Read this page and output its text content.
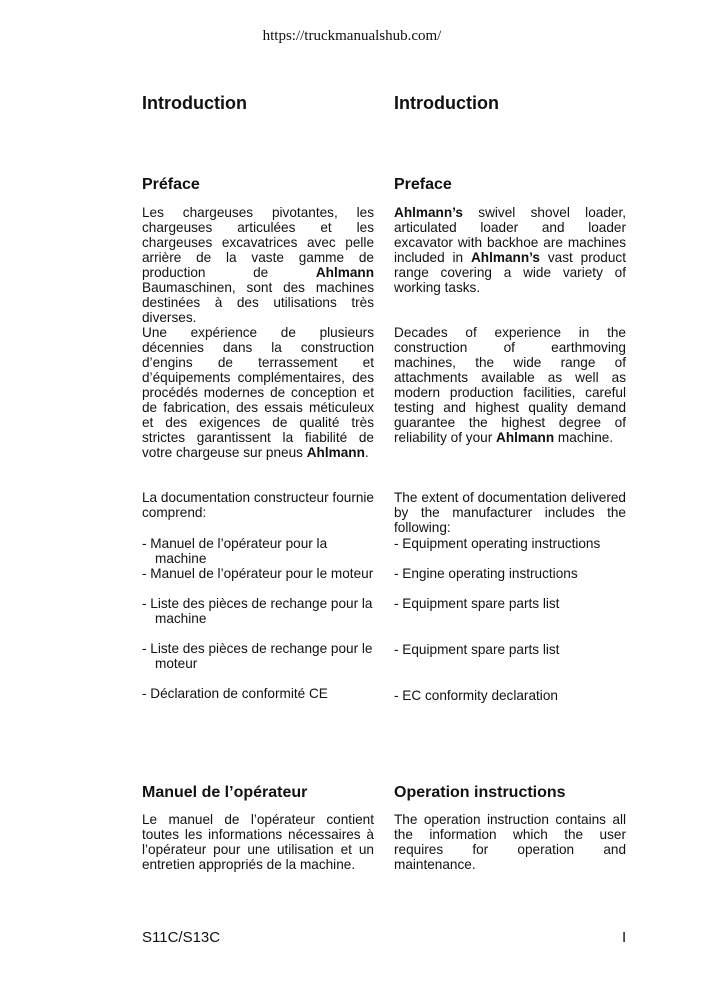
https://truckmanualshub.com/

Introduction

Préface

Les chargeuses pivotantes, les chargeuses articulées et les chargeuses excavatrices avec pelle arrière de la vaste gamme de production de Ahlmann Baumaschinen, sont des machines destinées à des utilisations très diverses.

Une expérience de plusieurs décennies dans la construction d’engins de terrassement et d’équipements complémentaires, des procédés modernes de conception et de fabrication, des essais méticuleux et des exigences de qualité très strictes garantissent la fiabilité de votre chargeuse sur pneus Ahlmann.

La documentation constructeur fournie comprend:

- Manuel de l’opérateur pour la machine

- Manuel de l’opérateur pour le moteur

- Liste des pièces de rechange pour la machine

- Liste des pièces de rechange pour le moteur

- Déclaration de conformité CE

Manuel de l’opérateur

Le manuel de l’opérateur contient toutes les informations nécessaires à l’opérateur pour une utilisation et un entretien appropriés de la machine.

Introduction

Preface

Ahlmann’s swivel shovel loader, articulated loader and loader excavator with backhoe are machines included in Ahlmann’s vast product range covering a wide variety of working tasks.

Decades of experience in the construction of earthmoving machines, the wide range of attachments available as well as modern production facilities, careful testing and highest quality demand guarantee the highest degree of reliability of your Ahlmann machine.

The extent of documentation delivered by the manufacturer includes the following:

- Equipment operating instructions

- Engine operating instructions

- Equipment spare parts list

- Equipment spare parts list

- EC conformity declaration

Operation instructions

The operation instruction contains all the information which the user requires for operation and maintenance.

S11C/S13C	I
